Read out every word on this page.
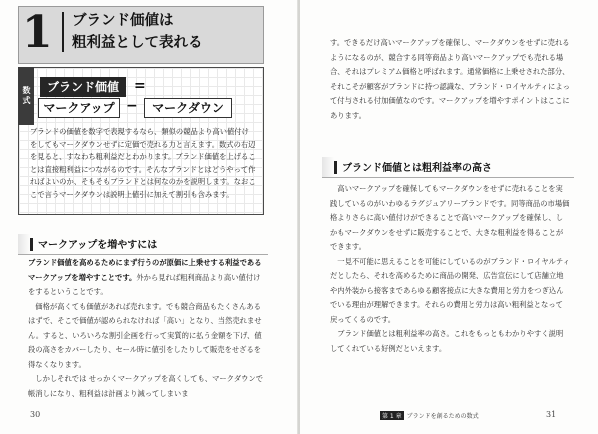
1	ブランド価値は
粗利益として表れる
数式	ブランド価値	=
マークアップ −	マークダウン
ブランドの価値を数字で表現するなら、類似の競品より高い値付けをしてもマークダウンせずに定価で売れる力と言えます。数式の右辺を見ると、すなわち粗利益だとわかります。ブランド価値を上げることは直接粗利益につながるのです。そんなブランドとはどうやって作ればよいのか、そもそもブランドとは何なのかを説明します。なおここで言うマークダウンは説明上値引に加えて割引も含みます。
マークアップを増やすには

ブランド価値を高めるためにまず行うのが原価に上乗せする利益であるマークアップを増やすことです。外から見れば粗利商品より高い値付けをするということです。

価格が高くても価値があれば売れます。でも競合商品もたくさんあるはずで、そこで価値が認められなければ「高い」となり、当然売れません。すると、いろいろな割引企画を行って実質的に払う金額を下げ、値段の高さをカバーしたり、セール時に値引をしたりして販売をせざるを得なくなります。

しかしそれでは せっかくマークアップを高くしても、マークダウンで帳消しになり、粗利益は計画より減ってしまいま

30

す。できるだけ高いマークアップを確保し、マークダウンをせずに売れるようになるのが、競合する同等商品より高いマークアップでも売れる場合、それはプレミアム価格と呼ばれます。通常価格に上乗せされた部分、それこそが顧客がブランドに持つ認識な、ブランド・ロイヤルティによって付与される付加価値なのです。マークアップを増やすポイントはここにあります。

ブランド価値とは粗利益率の高さ

高いマークアップを確保してもマークダウンをせずに売れることを実践しているのがいわゆるラグジュアリーブランドです。同等商品の市場価格よりさらに高い値付けができることで高いマークアップを確保し、しかもマークダウンをせずに販売することで、大きな粗利益を得ることができます。

一見不可能に思えることを可能にしているのがブランド・ロイヤルティだとしたら、それを高めるために商品の開発、広告宣伝にして店舗立地や内外装から接客まであらゆる顧客接点に大きな費用と労力をつぎ込んでいる理由が理解できます。それらの費用と労力は高い粗利益となって戻ってくるのです。

ブランド価値とは粗利益率の高さ。これをもっともわかりやすく説明してくれている好例だといえます。

第 1 章 ブランドを創るための数式	31
